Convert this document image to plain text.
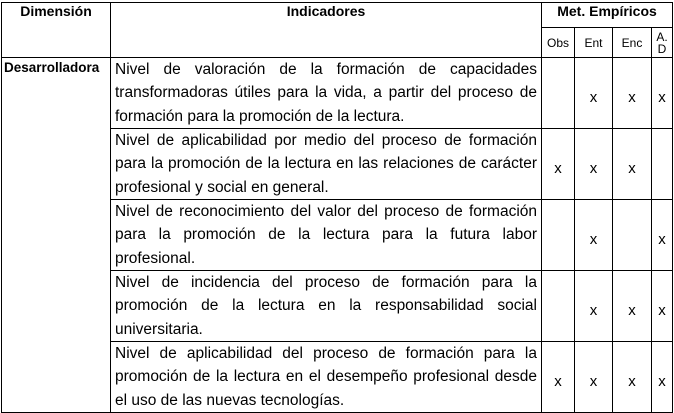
Dimensión	Indicadores	Met. Empíricos			
		Obs	Ent	Enc	A.
D
Desarrolladora	Nivel de valoración de la formación de capacidades transformadoras útiles para la vida, a partir del proceso de formación para la promoción de la lectura.		x	x	x
	Nivel de aplicabilidad por medio del proceso de formación para la promoción de la lectura en las relaciones de carácter profesional y social en general.	x	x	x	
	Nivel de reconocimiento del valor del proceso de formación para la promoción de la lectura para la futura labor profesional.		x		x
	Nivel de incidencia del proceso de formación para la promoción de la lectura en la responsabilidad social universitaria.		x	x	x
	Nivel de aplicabilidad del proceso de formación para la promoción de la lectura en el desempeño profesional desde el uso de las nuevas tecnologías.	x	x	x	x
